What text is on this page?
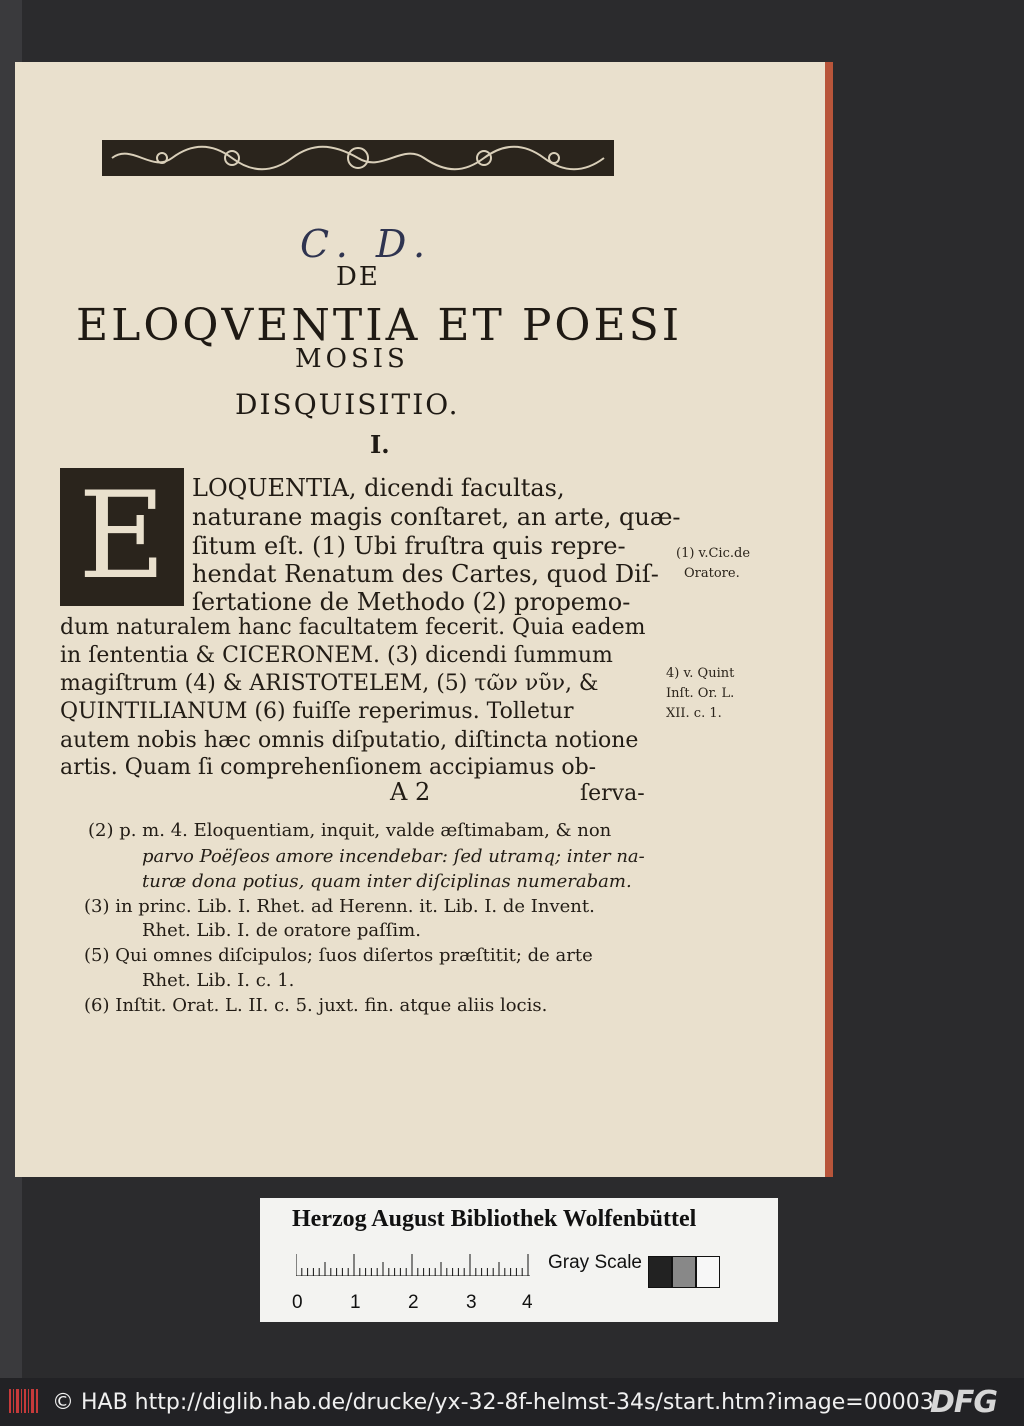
C. D.
DE
ELOQVENTIA ET POESI
MOSIS
DISQUISITIO.
I.
E	LOQUENTIA, dicendi facultas,
naturane magis conſtaret, an arte, quæ-
ſitum eſt. (1) Ubi fruſtra quis repre-
hendat Renatum des Cartes, quod Diſ-
ſertatione de Methodo (2) propemo-
dum naturalem hanc facultatem fecerit. Quia eadem
in ſententia & CICERONEM. (3) dicendi ſummum
magiſtrum (4) & ARISTOTELEM, (5) τῶν νῦν, &
QUINTILIANUM (6) fuiſſe reperimus. Tolletur
autem nobis hæc omnis diſputatio, diſtincta notione
artis. Quam ſi comprehenſionem accipiamus ob-
(1) v.Cic.de
Oratore.
4) v. Quint
Inſt. Or. L.
XII. c. 1.
A 2	ſerva-
(2) p. m. 4. Eloquentiam, inquit, valde æſtimabam, & non
parvo Poëſeos amore incendebar: ſed utramq; inter na-
turæ dona potius, quam inter diſciplinas numerabam.
(3) in princ. Lib. I. Rhet. ad Herenn. it. Lib. I. de Invent.
Rhet. Lib. I. de oratore paſſim.
(5) Qui omnes diſcipulos; ſuos diſertos præſtitit; de arte
Rhet. Lib. I. c. 1.
(6) Inſtit. Orat. L. II. c. 5. juxt. fin. atque aliis locis.
Herzog August Bibliothek Wolfenbüttel
0 1 2 3 4
Gray Scale
© HAB http://diglib.hab.de/drucke/yx-32-8f-helmst-34s/start.htm?image=00003
DFG
